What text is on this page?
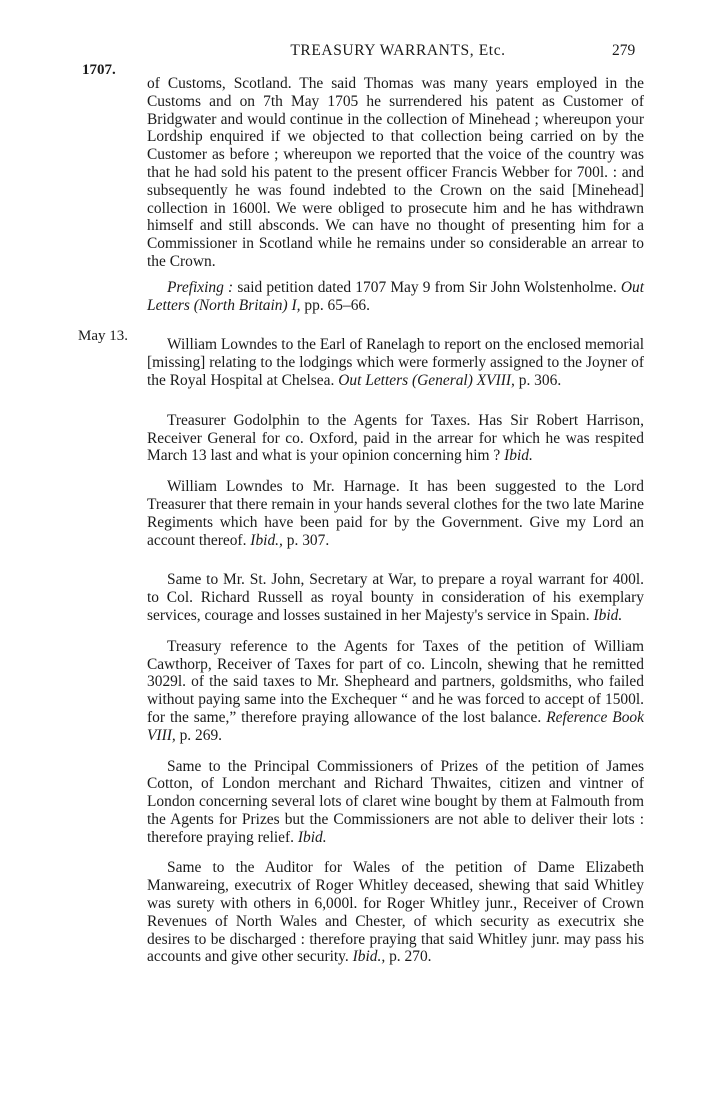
TREASURY WARRANTS, Etc.	279
1707.
May 13.

of Customs, Scotland. The said Thomas was many years employed in the Customs and on 7th May 1705 he surrendered his patent as Customer of Bridgwater and would continue in the collection of Minehead ; whereupon your Lordship enquired if we objected to that collection being carried on by the Customer as before ; whereupon we reported that the voice of the country was that he had sold his patent to the present officer Francis Webber for 700l. : and subsequently he was found indebted to the Crown on the said [Minehead] collection in 1600l. We were obliged to prosecute him and he has withdrawn himself and still absconds. We can have no thought of presenting him for a Commissioner in Scotland while he remains under so considerable an arrear to the Crown.

Prefixing : said petition dated 1707 May 9 from Sir John Wolstenholme. Out Letters (North Britain) I, pp. 65–66.

William Lowndes to the Earl of Ranelagh to report on the enclosed memorial [missing] relating to the lodgings which were formerly assigned to the Joyner of the Royal Hospital at Chelsea. Out Letters (General) XVIII, p. 306.

Treasurer Godolphin to the Agents for Taxes. Has Sir Robert Harrison, Receiver General for co. Oxford, paid in the arrear for which he was respited March 13 last and what is your opinion concerning him ? Ibid.

William Lowndes to Mr. Harnage. It has been suggested to the Lord Treasurer that there remain in your hands several clothes for the two late Marine Regiments which have been paid for by the Government. Give my Lord an account thereof. Ibid., p. 307.

Same to Mr. St. John, Secretary at War, to prepare a royal warrant for 400l. to Col. Richard Russell as royal bounty in consideration of his exemplary services, courage and losses sustained in her Majesty's service in Spain. Ibid.

Treasury reference to the Agents for Taxes of the petition of William Cawthorp, Receiver of Taxes for part of co. Lincoln, shewing that he remitted 3029l. of the said taxes to Mr. Shepheard and partners, goldsmiths, who failed without paying same into the Exchequer “ and he was forced to accept of 1500l. for the same,” therefore praying allowance of the lost balance. Reference Book VIII, p. 269.

Same to the Principal Commissioners of Prizes of the petition of James Cotton, of London merchant and Richard Thwaites, citizen and vintner of London concerning several lots of claret wine bought by them at Falmouth from the Agents for Prizes but the Commissioners are not able to deliver their lots : therefore praying relief. Ibid.

Same to the Auditor for Wales of the petition of Dame Elizabeth Manwareing, executrix of Roger Whitley deceased, shewing that said Whitley was surety with others in 6,000l. for Roger Whitley junr., Receiver of Crown Revenues of North Wales and Chester, of which security as executrix she desires to be discharged : therefore praying that said Whitley junr. may pass his accounts and give other security. Ibid., p. 270.
